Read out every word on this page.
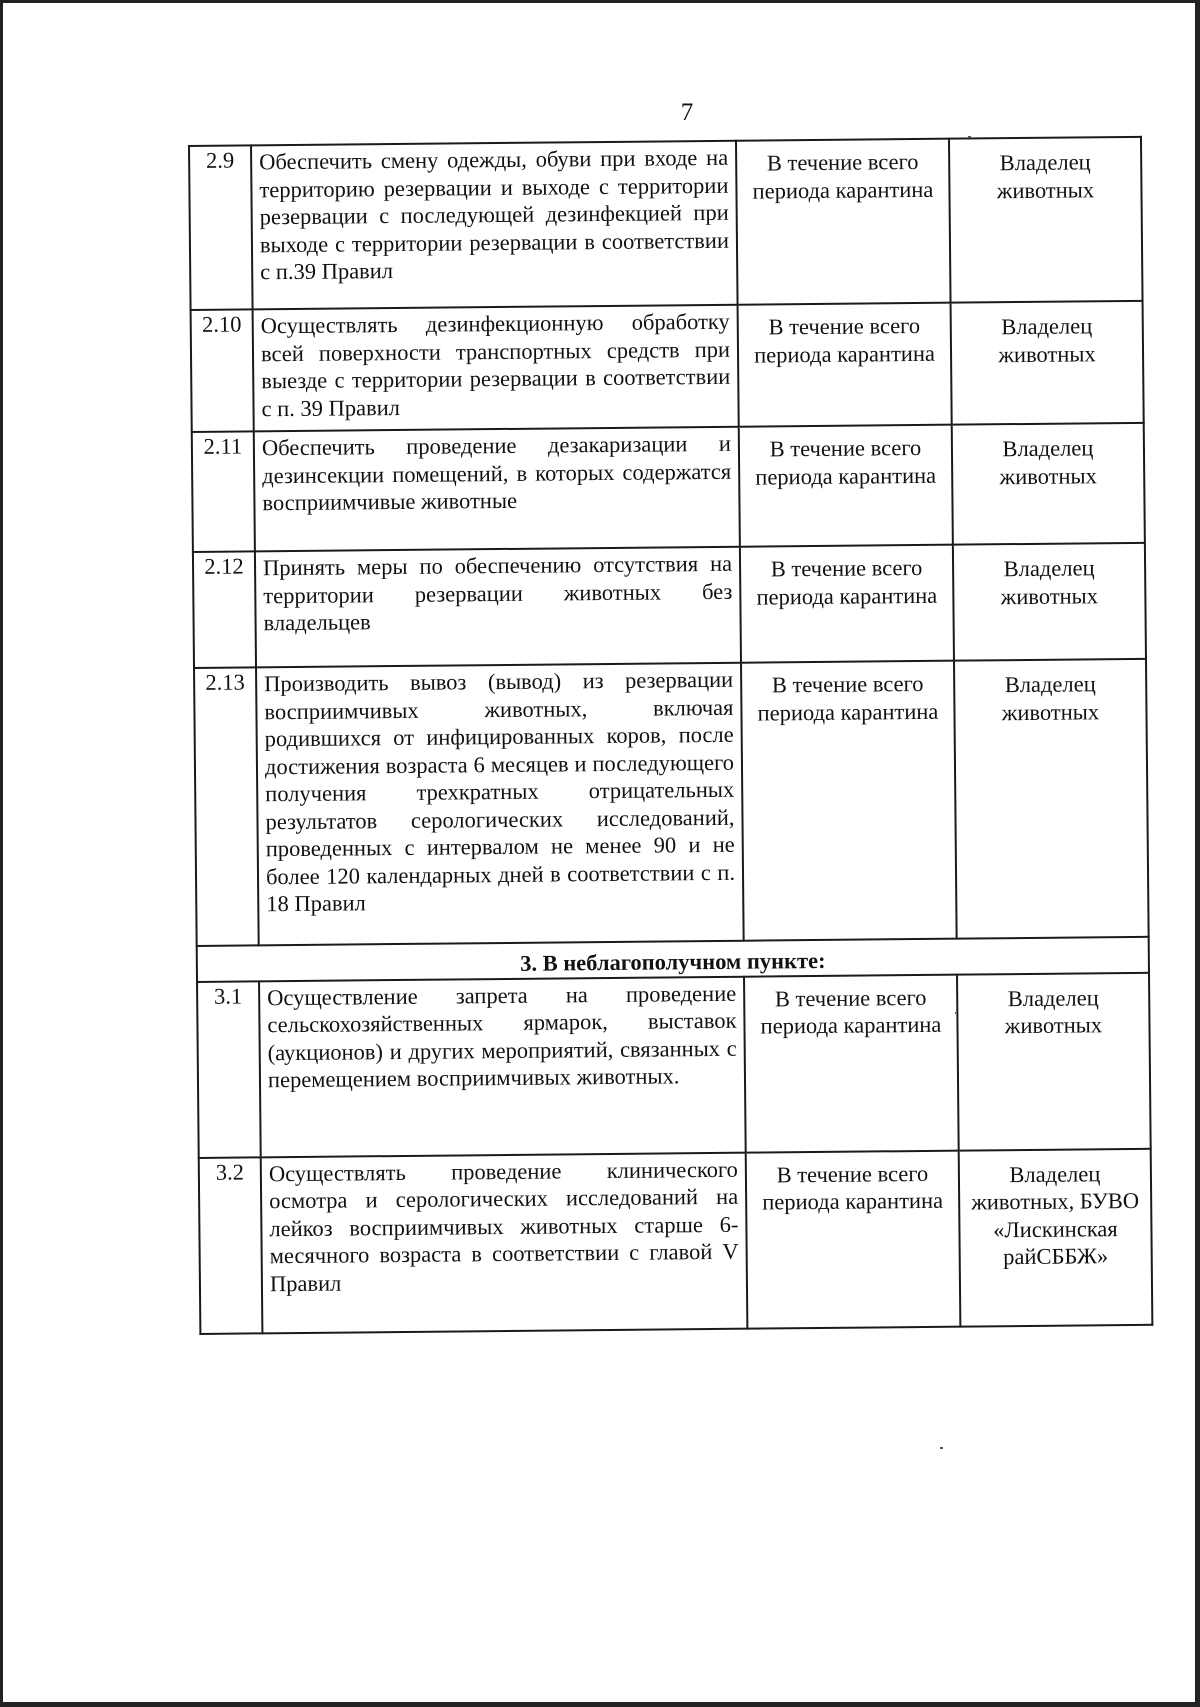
7
2.9	Обеспечить смену одежды, обуви при входе на территорию резервации и выходе с территории резервации с последующей дезинфекцией при выходе с территории резервации в соответствии с п.39 Правил	В течение всего периода карантина	Владелец животных
2.10	Осуществлять дезинфекционную обработку всей поверхности транспортных средств при выезде с территории резервации в соответствии с п. 39 Правил	В течение всего периода карантина	Владелец животных
2.11	Обеспечить проведение дезакаризации и дезинсекции помещений, в которых содержатся восприимчивые животные	В течение всего периода карантина	Владелец животных
2.12	Принять меры по обеспечению отсутствия на территории резервации животных без владельцев	В течение всего периода карантина	Владелец животных
2.13	Производить вывоз (вывод) из резервации восприимчивых животных, включая родившихся от инфицированных коров, после достижения возраста 6 месяцев и последующего получения трехкратных отрицательных результатов серологических исследований, проведенных с интервалом не менее 90 и не более 120 календарных дней в соответствии с п. 18 Правил	В течение всего периода карантина	Владелец животных
3. В неблагополучном пункте:			
3.1	Осуществление запрета на проведение сельскохозяйственных ярмарок, выставок (аукционов) и других мероприятий, связанных с перемещением восприимчивых животных.	В течение всего периода карантина	Владелец животных
3.2	Осуществлять проведение клинического осмотра и серологических исследований на лейкоз восприимчивых животных старше 6-месячного возраста в соответствии с главой V Правил	В течение всего периода карантина	Владелец животных, БУВО «Лискинская райСББЖ»
